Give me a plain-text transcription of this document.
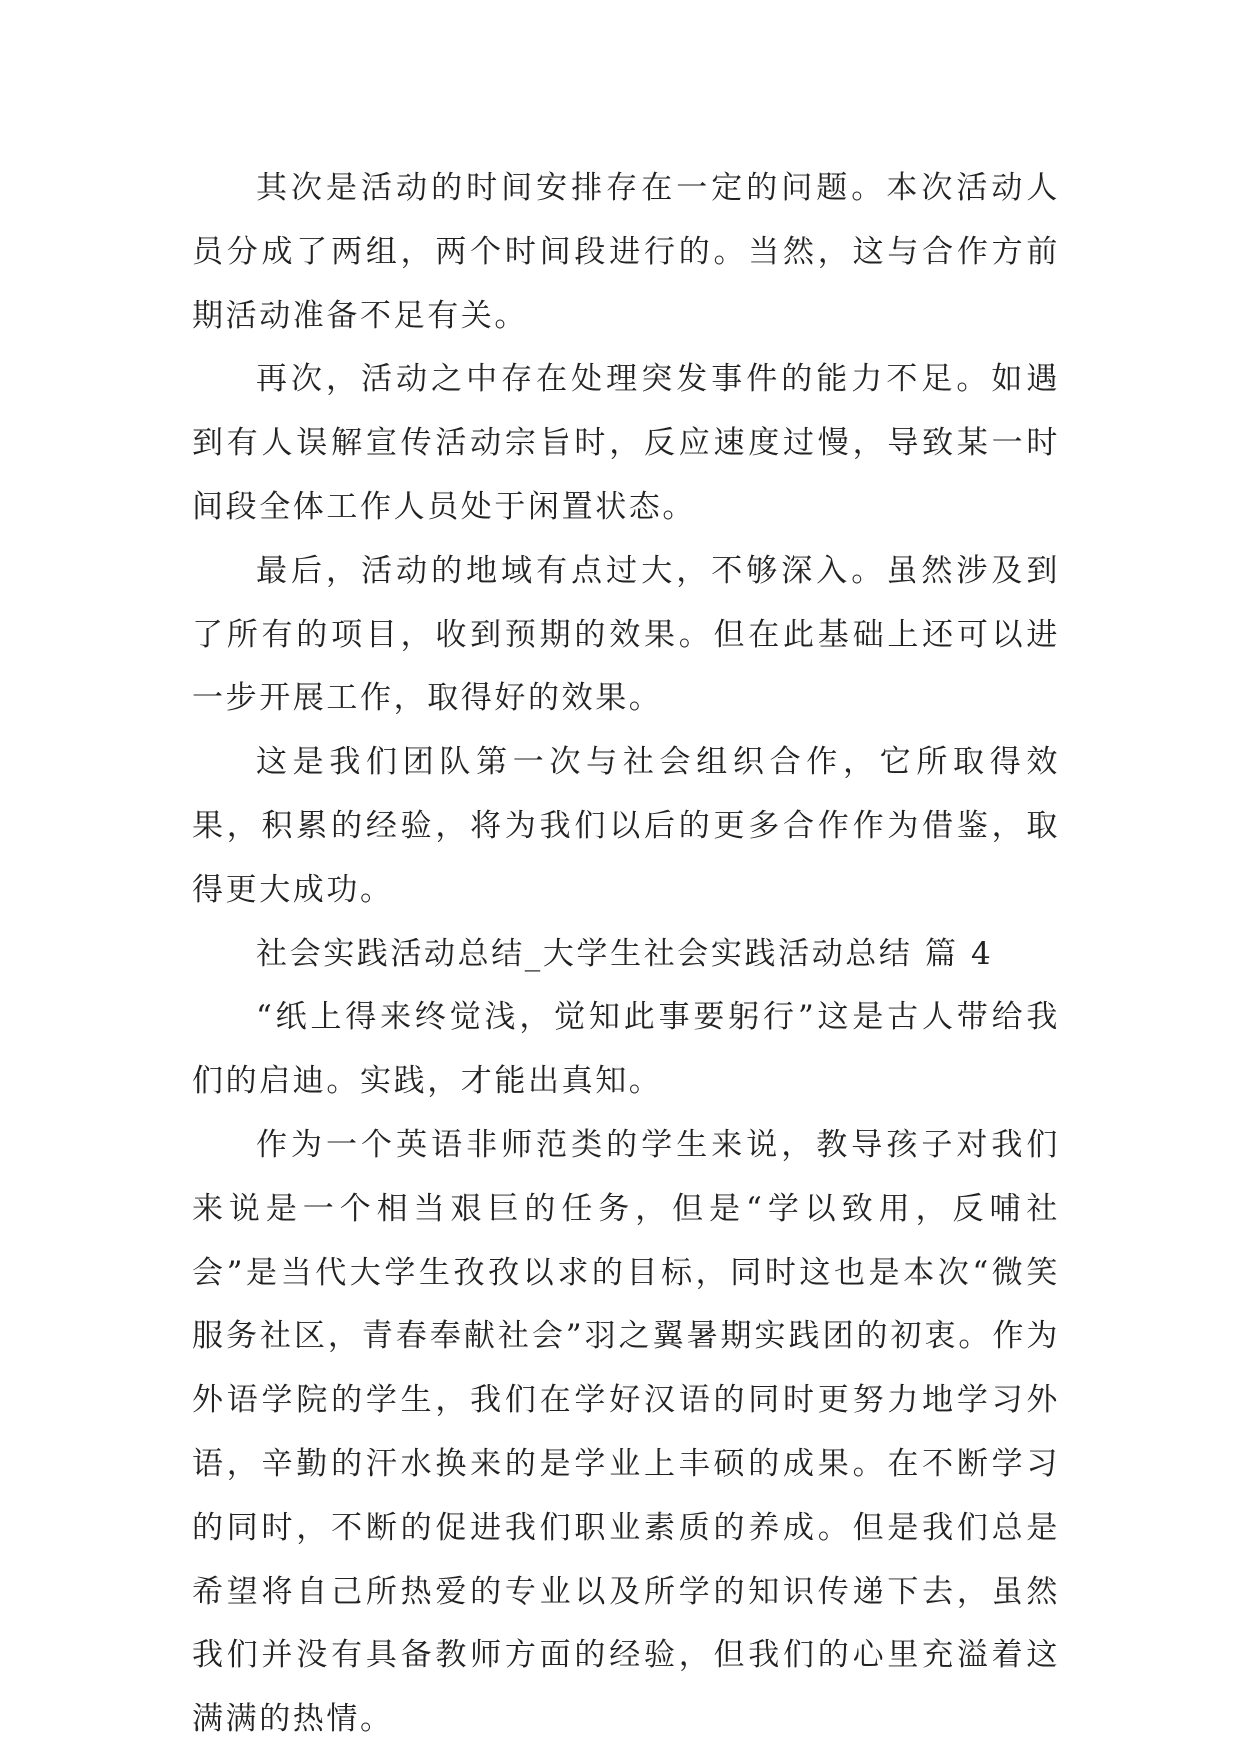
其次是活动的时间安排存在一定的问题。本次活动人员分成了两组，两个时间段进行的。当然，这与合作方前期活动准备不足有关。

再次，活动之中存在处理突发事件的能力不足。如遇到有人误解宣传活动宗旨时，反应速度过慢，导致某一时间段全体工作人员处于闲置状态。

最后，活动的地域有点过大，不够深入。虽然涉及到了所有的项目，收到预期的效果。但在此基础上还可以进一步开展工作，取得好的效果。

这是我们团队第一次与社会组织合作，它所取得效果，积累的经验，将为我们以后的更多合作作为借鉴，取得更大成功。

社会实践活动总结_大学生社会实践活动总结 篇 4

“纸上得来终觉浅，觉知此事要躬行”这是古人带给我们的启迪。实践，才能出真知。

作为一个英语非师范类的学生来说，教导孩子对我们来说是一个相当艰巨的任务，但是“学以致用，反哺社会”是当代大学生孜孜以求的目标，同时这也是本次“微笑服务社区，青春奉献社会”羽之翼暑期实践团的初衷。作为外语学院的学生，我们在学好汉语的同时更努力地学习外语，辛勤的汗水换来的是学业上丰硕的成果。在不断学习的同时，不断的促进我们职业素质的养成。但是我们总是希望将自己所热爱的专业以及所学的知识传递下去，虽然我们并没有具备教师方面的经验，但我们的心里充溢着这满满的热情。
